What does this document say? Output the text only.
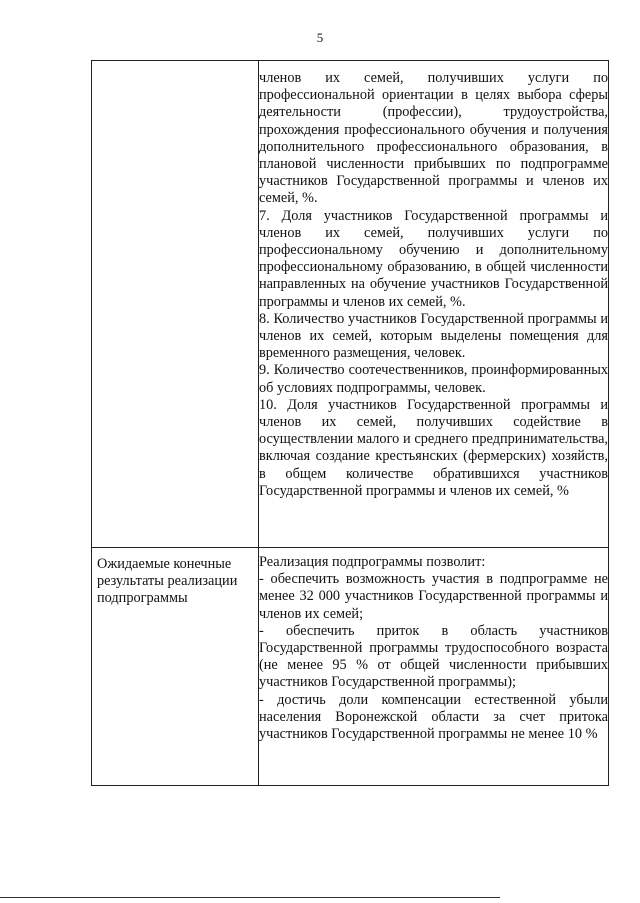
5

	членов их семей, получивших услуги по профессиональной ориентации в целях выбора сферы деятельности (профессии), трудоустройства, прохождения профессионального обучения и получения дополнительного профессионального образования, в плановой численности прибывших по подпрограмме участников Государственной программы и членов их семей, %.

7. Доля участников Государственной программы и членов их семей, получивших услуги по профессиональному обучению и дополнительному профессиональному образованию, в общей численности направленных на обучение участников Государственной программы и членов их семей, %.

8. Количество участников Государственной программы и членов их семей, которым выделены помещения для временного размещения, человек.

9. Количество соотечественников, проинформированных об условиях подпрограммы, человек.

10. Доля участников Государственной программы и членов их семей, получивших содействие в осуществлении малого и среднего предпринимательства, включая создание крестьянских (фермерских) хозяйств, в общем количестве обратившихся участников Государственной программы и членов их семей, %

Ожидаемые конечные результаты реализации подпрограммы	Реализация подпрограммы позволит:

- обеспечить возможность участия в подпрограмме не менее 32 000 участников Государственной программы и членов их семей;

- обеспечить приток в область участников Государственной программы трудоспособного возраста (не менее 95 % от общей численности прибывших участников Государственной программы);

- достичь доли компенсации естественной убыли населения Воронежской области за счет притока участников Государственной программы не менее 10 %
